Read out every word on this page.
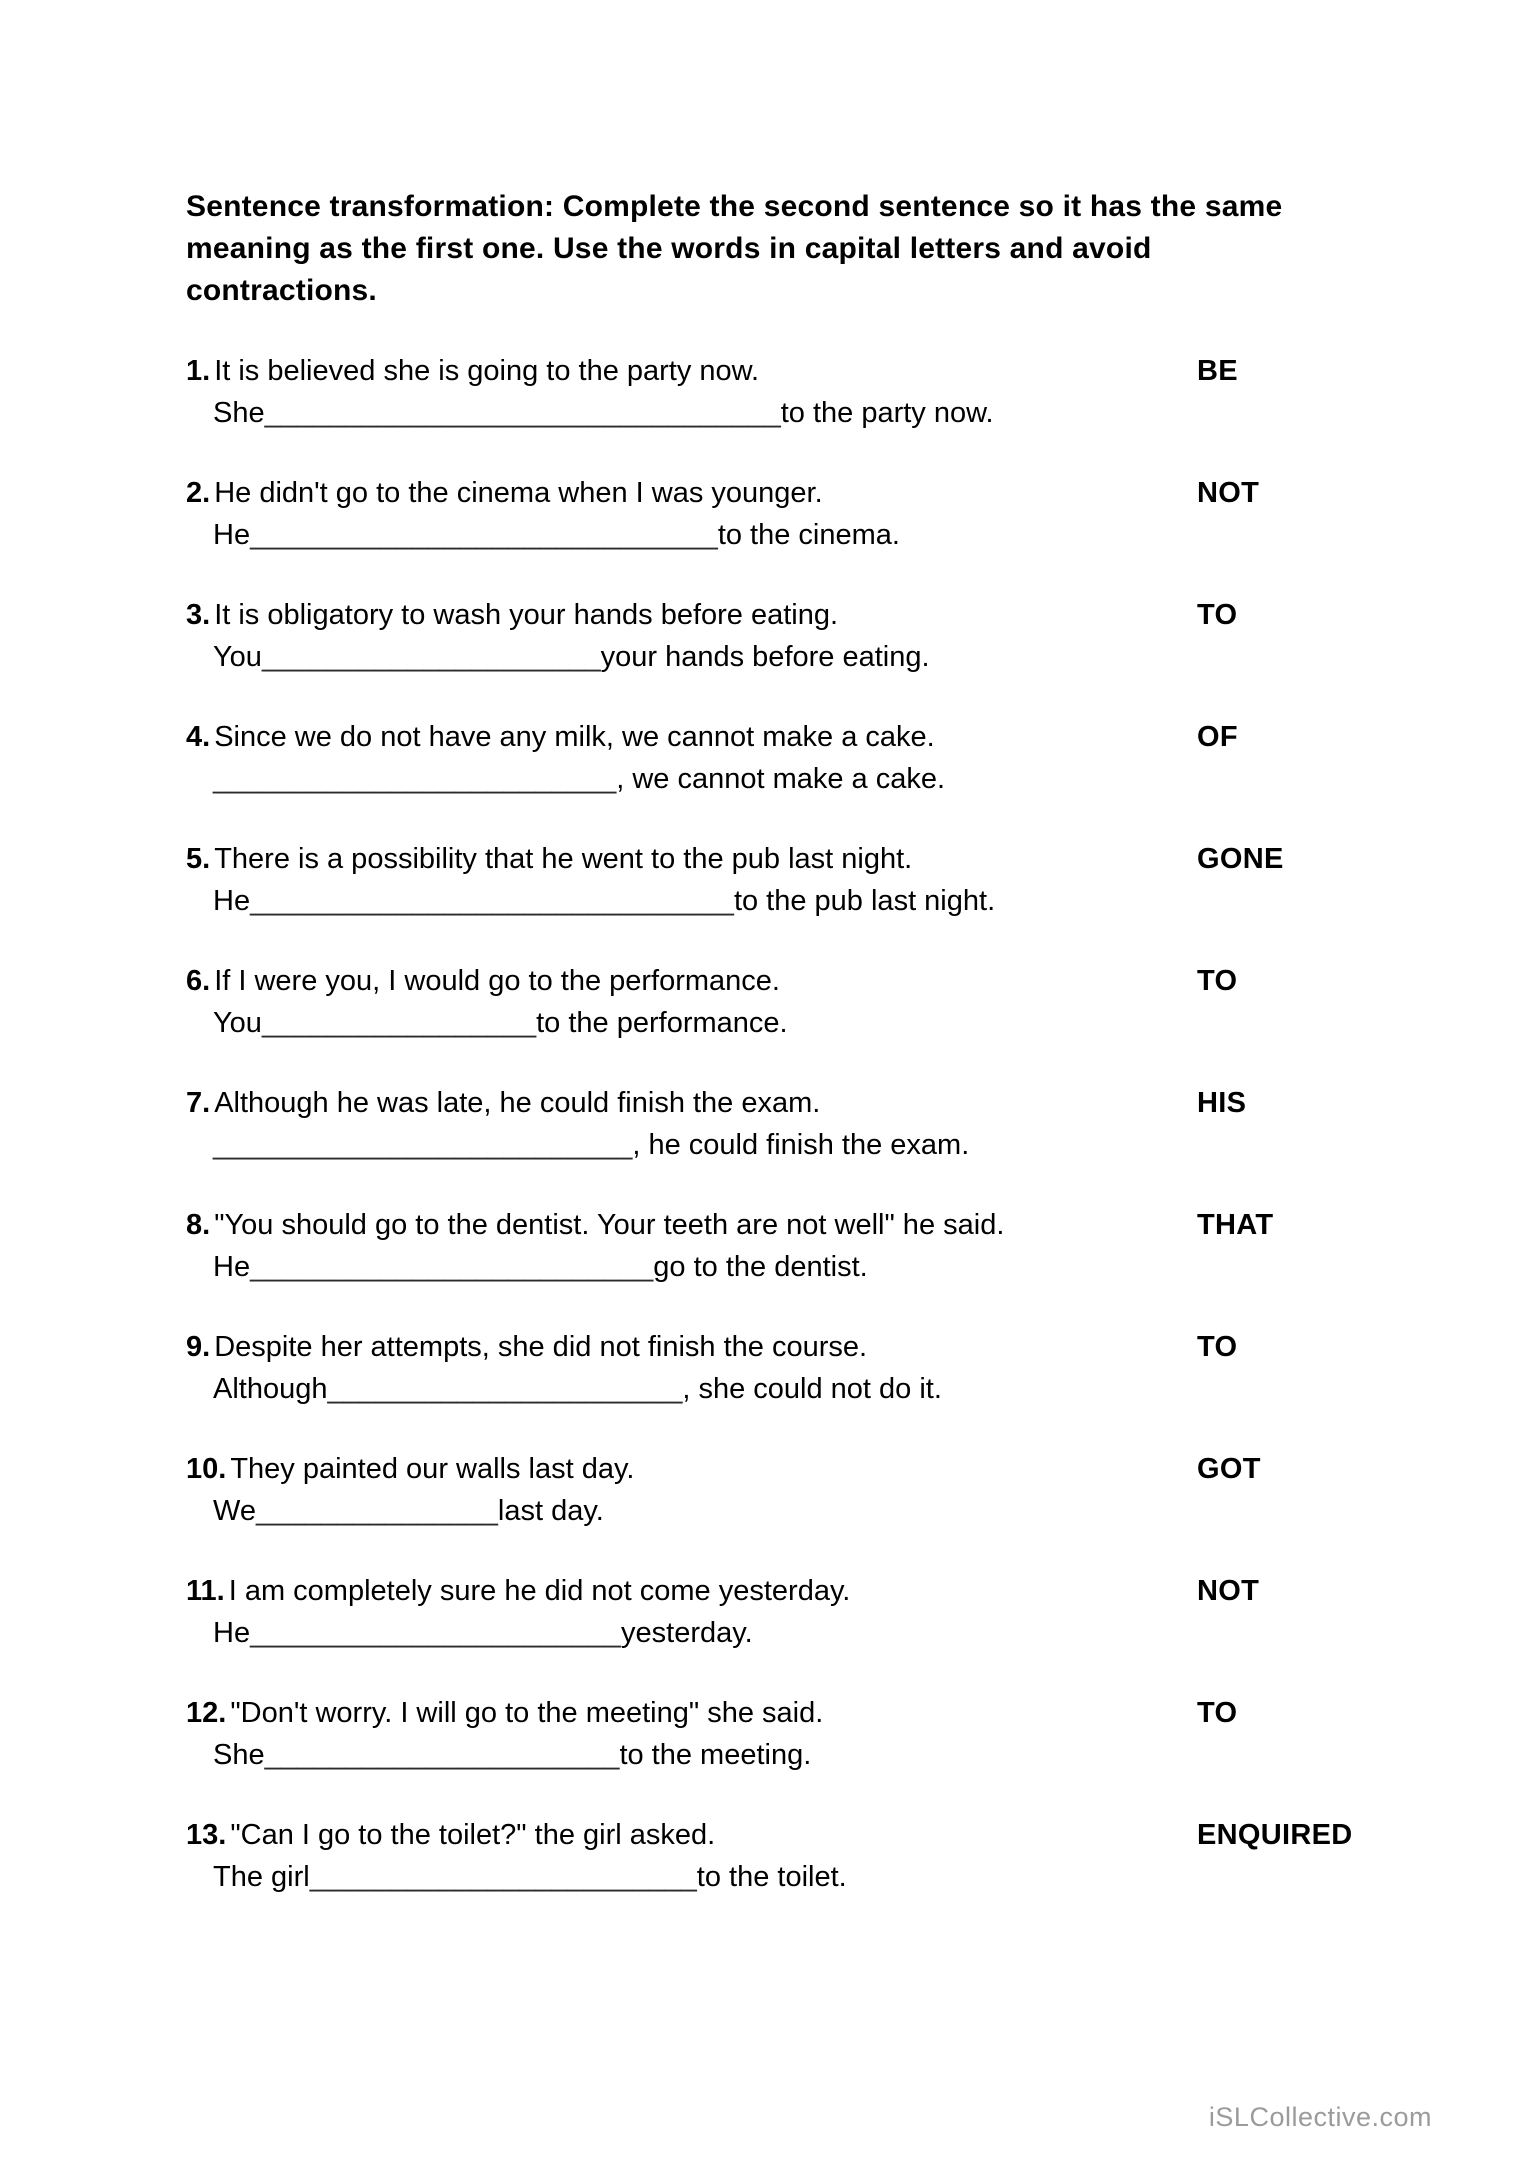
Sentence transformation: Complete the second sentence so it has the same
meaning as the first one. Use the words in capital letters and avoid
contractions.
1. It is believed she is going to the party now.	BE
She________________________________to the party now.
2. He didn't go to the cinema when I was younger.	NOT
He_____________________________to the cinema.
3. It is obligatory to wash your hands before eating.	TO
You_____________________your hands before eating.
4. Since we do not have any milk, we cannot make a cake.	OF
_________________________, we cannot make a cake.
5. There is a possibility that he went to the pub last night.	GONE
He______________________________to the pub last night.
6. If I were you, I would go to the performance.	TO
You_________________to the performance.
7. Although he was late, he could finish the exam.	HIS
__________________________, he could finish the exam.
8. "You should go to the dentist. Your teeth are not well" he said.	THAT
He_________________________go to the dentist.
9. Despite her attempts, she did not finish the course.	TO
Although______________________, she could not do it.
10. They painted our walls last day.	GOT
We_______________last day.
11. I am completely sure he did not come yesterday.	NOT
He_______________________yesterday.
12. "Don't worry. I will go to the meeting" she said.	TO
She______________________to the meeting.
13. "Can I go to the toilet?" the girl asked.	ENQUIRED
The girl________________________to the toilet.
iSLCollective.com
